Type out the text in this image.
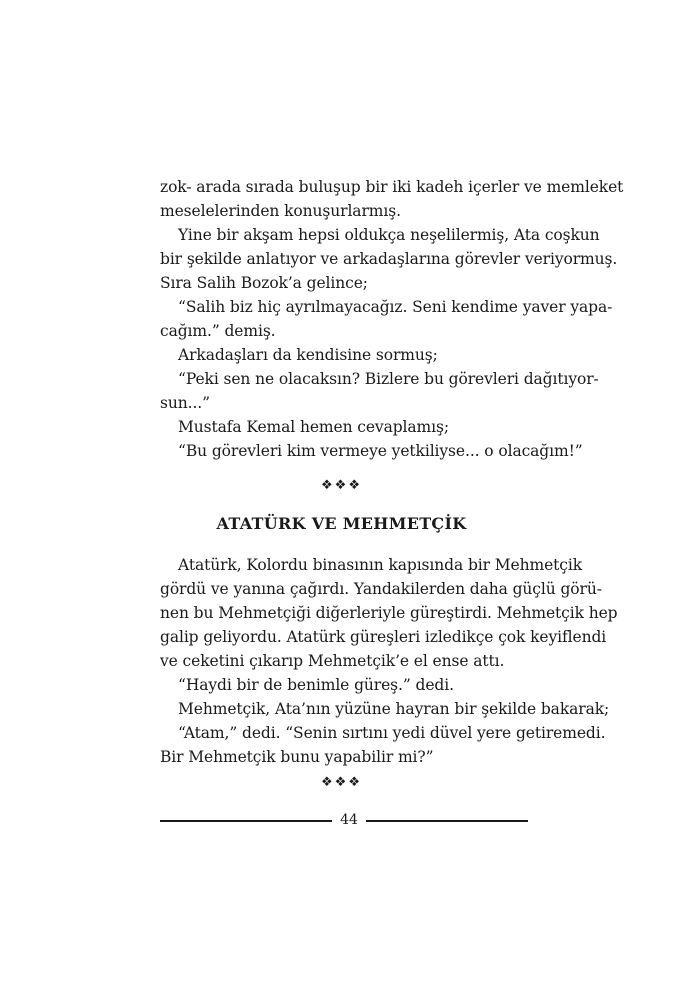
zok- arada sırada buluşup bir iki kadeh içerler ve memleket
meselelerinden konuşurlarmış.
Yine bir akşam hepsi oldukça neşelilermiş, Ata coşkun
bir şekilde anlatıyor ve arkadaşlarına görevler veriyormuş.
Sıra Salih Bozok’a gelince;
“Salih biz hiç ayrılmayacağız. Seni kendime yaver yapa-
cağım.” demiş.
Arkadaşları da kendisine sormuş;
“Peki sen ne olacaksın? Bizlere bu görevleri dağıtıyor-
sun...”
Mustafa Kemal hemen cevaplamış;
“Bu görevleri kim vermeye yetkiliyse... o olacağım!”
❖❖❖
ATATÜRK VE MEHMETÇİK
Atatürk, Kolordu binasının kapısında bir Mehmetçik
gördü ve yanına çağırdı. Yandakilerden daha güçlü görü-
nen bu Mehmetçiği diğerleriyle güreştirdi. Mehmetçik hep
galip geliyordu. Atatürk güreşleri izledikçe çok keyiflendi
ve ceketini çıkarıp Mehmetçik’e el ense attı.
“Haydi bir de benimle güreş.” dedi.
Mehmetçik, Ata’nın yüzüne hayran bir şekilde bakarak;
“Atam,” dedi. “Senin sırtını yedi düvel yere getiremedi.
Bir Mehmetçik bunu yapabilir mi?”
❖❖❖
44
